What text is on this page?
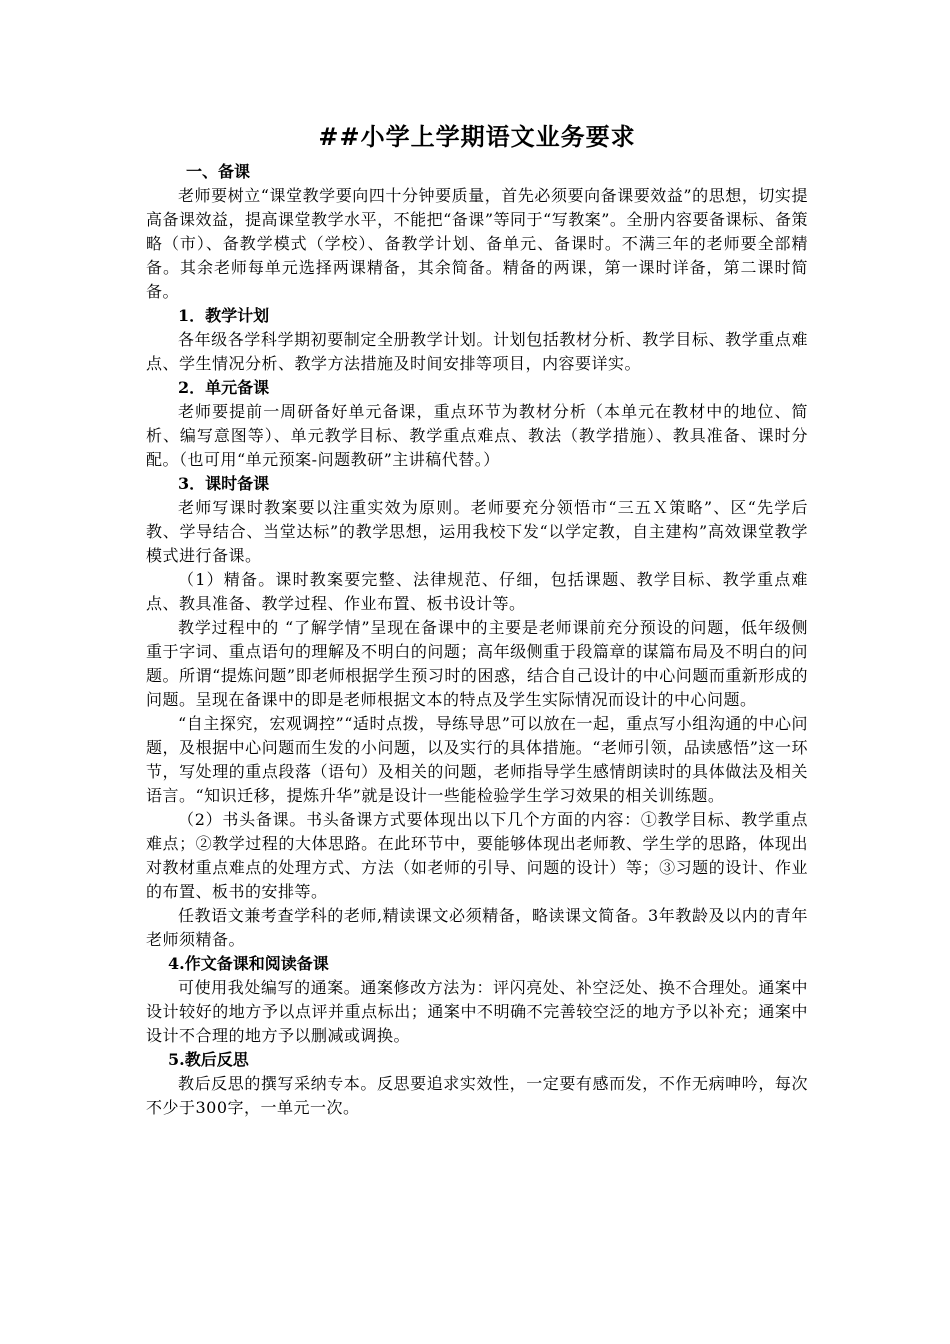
##小学上学期语文业务要求
一、备课

老师要树立“课堂教学要向四十分钟要质量，首先必须要向备课要效益”的思想，切实提高备课效益，提高课堂教学水平，不能把“备课”等同于“写教案”。全册内容要备课标、备策略（市）、备教学模式（学校）、备教学计划、备单元、备课时。不满三年的老师要全部精备。其余老师每单元选择两课精备，其余简备。精备的两课，第一课时详备，第二课时简备。

1．教学计划

各年级各学科学期初要制定全册教学计划。计划包括教材分析、教学目标、教学重点难点、学生情况分析、教学方法措施及时间安排等项目，内容要详实。

2．单元备课

老师要提前一周研备好单元备课，重点环节为教材分析（本单元在教材中的地位、简析、编写意图等）、单元教学目标、教学重点难点、教法（教学措施）、教具准备、课时分配。（也可用“单元预案-问题教研”主讲稿代替。）

3．课时备课

老师写课时教案要以注重实效为原则。老师要充分领悟市“三五Ｘ策略”、区“先学后教、学导结合、当堂达标”的教学思想，运用我校下发“以学定教，自主建构”高效课堂教学模式进行备课。

（1）精备。课时教案要完整、法律规范、仔细，包括课题、教学目标、教学重点难点、教具准备、教学过程、作业布置、板书设计等。

教学过程中的 “了解学情”呈现在备课中的主要是老师课前充分预设的问题，低年级侧重于字词、重点语句的理解及不明白的问题；高年级侧重于段篇章的谋篇布局及不明白的问题。所谓“提炼问题”即老师根据学生预习时的困惑，结合自己设计的中心问题而重新形成的问题。呈现在备课中的即是老师根据文本的特点及学生实际情况而设计的中心问题。

“自主探究，宏观调控”“适时点拨，导练导思”可以放在一起，重点写小组沟通的中心问题，及根据中心问题而生发的小问题，以及实行的具体措施。“老师引领，品读感悟”这一环节，写处理的重点段落（语句）及相关的问题，老师指导学生感情朗读时的具体做法及相关语言。“知识迁移，提炼升华”就是设计一些能检验学生学习效果的相关训练题。

（2）书头备课。书头备课方式要体现出以下几个方面的内容：①教学目标、教学重点难点；②教学过程的大体思路。在此环节中，要能够体现出老师教、学生学的思路，体现出对教材重点难点的处理方式、方法（如老师的引导、问题的设计）等；③习题的设计、作业的布置、板书的安排等。

任教语文兼考查学科的老师,精读课文必须精备，略读课文简备。3年教龄及以内的青年老师须精备。

4.作文备课和阅读备课

可使用我处编写的通案。通案修改方法为：评闪亮处、补空泛处、换不合理处。通案中设计较好的地方予以点评并重点标出；通案中不明确不完善较空泛的地方予以补充；通案中设计不合理的地方予以删减或调换。

5.教后反思

教后反思的撰写采纳专本。反思要追求实效性，一定要有感而发，不作无病呻吟，每次不少于300字，一单元一次。
